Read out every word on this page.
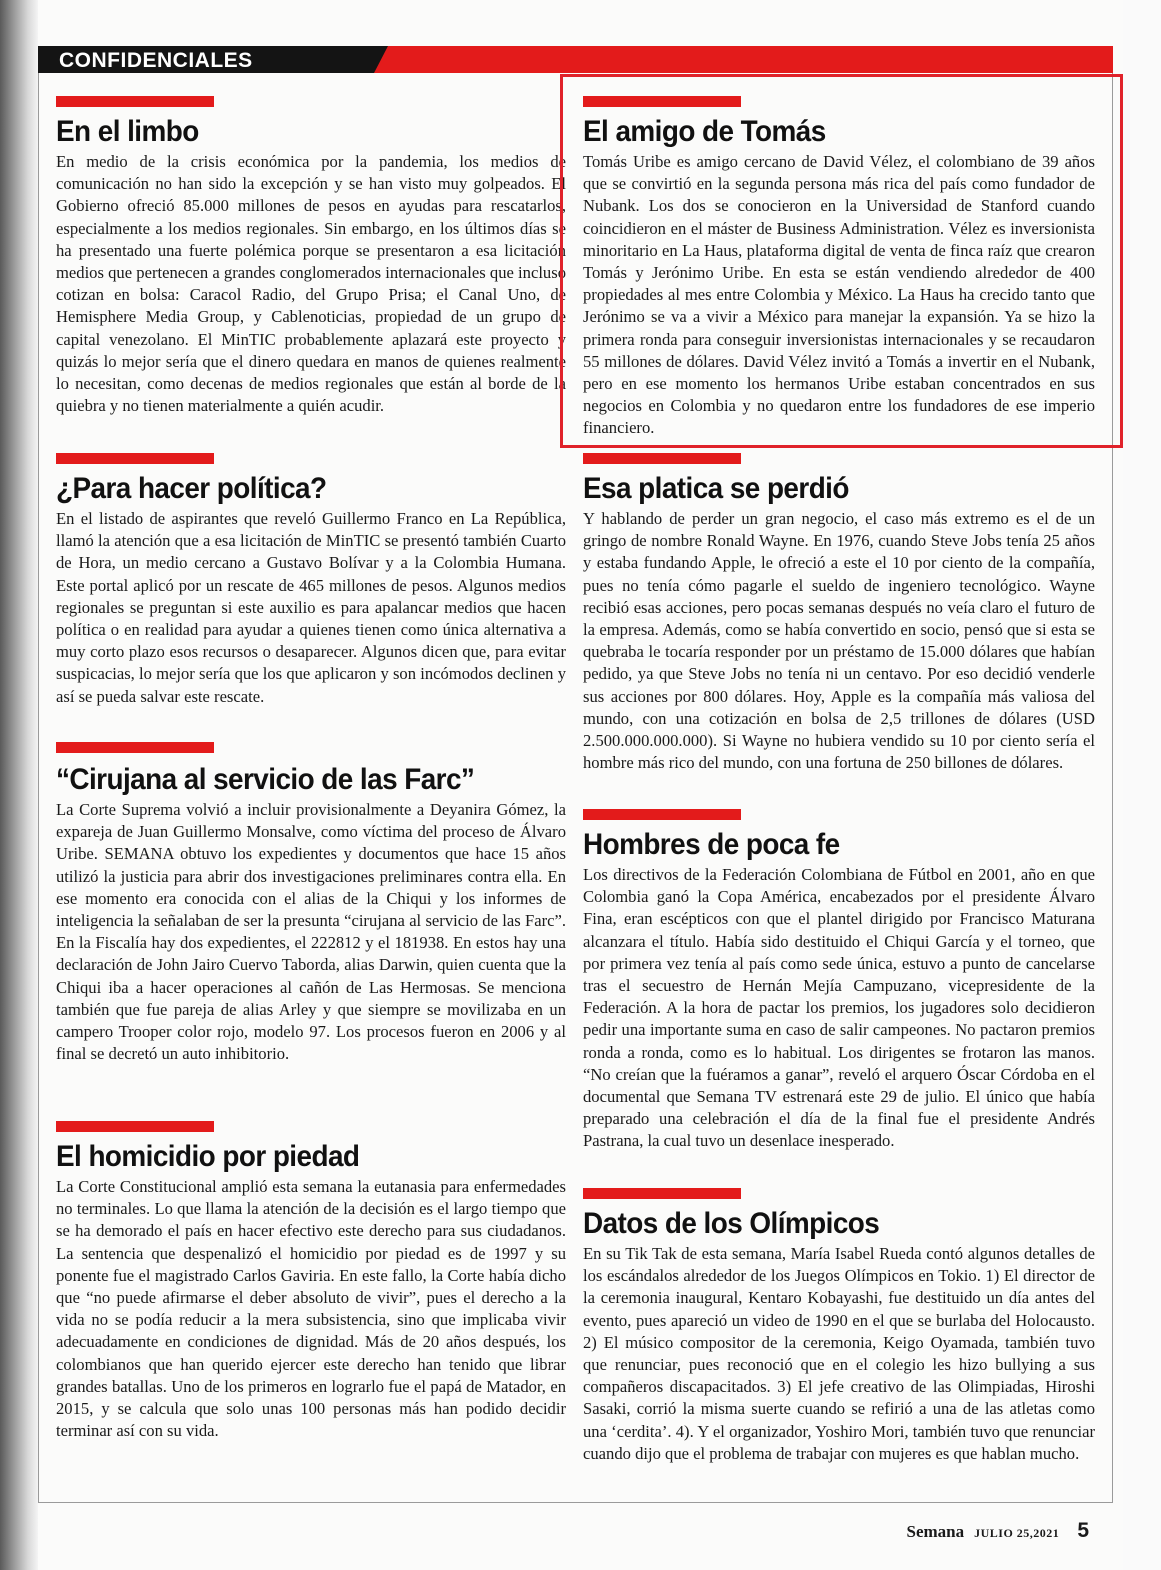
CONFIDENCIALES
En el limbo

En medio de la crisis económica por la pandemia, los medios de comunicación no han sido la excepción y se han visto muy golpeados. El Gobierno ofreció 85.000 millones de pesos en ayudas para rescatarlos, especialmente a los medios regionales. Sin embargo, en los últimos días se ha presentado una fuerte polémica porque se presentaron a esa licitación medios que pertenecen a grandes conglomerados internacionales que incluso cotizan en bolsa: Caracol Radio, del Grupo Prisa; el Canal Uno, de Hemisphere Media Group, y Cablenoticias, propiedad de un grupo de capital venezolano. El MinTIC probablemente aplazará este proyecto y quizás lo mejor sería que el dinero quedara en manos de quienes realmente lo necesitan, como decenas de medios regionales que están al borde de la quiebra y no tienen materialmente a quién acudir.

¿Para hacer política?

En el listado de aspirantes que reveló Guillermo Franco en La República, llamó la atención que a esa licitación de MinTIC se presentó también Cuarto de Hora, un medio cercano a Gustavo Bolívar y a la Colombia Humana. Este portal aplicó por un rescate de 465 millones de pesos. Algunos medios regionales se preguntan si este auxilio es para apalancar medios que hacen política o en realidad para ayudar a quienes tienen como única alternativa a muy corto plazo esos recursos o desaparecer. Algunos dicen que, para evitar suspicacias, lo mejor sería que los que aplicaron y son incómodos declinen y así se pueda salvar este rescate.

“Cirujana al servicio de las Farc”

La Corte Suprema volvió a incluir provisionalmente a Deyanira Gómez, la expareja de Juan Guillermo Monsalve, como víctima del proceso de Álvaro Uribe. SEMANA obtuvo los expedientes y documentos que hace 15 años utilizó la justicia para abrir dos investigaciones preliminares contra ella. En ese momento era conocida con el alias de la Chiqui y los informes de inteligencia la señalaban de ser la presunta “cirujana al servicio de las Farc”. En la Fiscalía hay dos expedientes, el 222812 y el 181938. En estos hay una declaración de John Jairo Cuervo Taborda, alias Darwin, quien cuenta que la Chiqui iba a hacer operaciones al cañón de Las Hermosas. Se menciona también que fue pareja de alias Arley y que siempre se movilizaba en un campero Trooper color rojo, modelo 97. Los procesos fueron en 2006 y al final se decretó un auto inhibitorio.

El homicidio por piedad

La Corte Constitucional amplió esta semana la eutanasia para enfermedades no terminales. Lo que llama la atención de la decisión es el largo tiempo que se ha demorado el país en hacer efectivo este derecho para sus ciudadanos. La sentencia que despenalizó el homicidio por piedad es de 1997 y su ponente fue el magistrado Carlos Gaviria. En este fallo, la Corte había dicho que “no puede afirmarse el deber absoluto de vivir”, pues el derecho a la vida no se podía reducir a la mera subsistencia, sino que implicaba vivir adecuadamente en condiciones de dignidad. Más de 20 años después, los colombianos que han querido ejercer este derecho han tenido que librar grandes batallas. Uno de los primeros en lograrlo fue el papá de Matador, en 2015, y se calcula que solo unas 100 personas más han podido decidir terminar así con su vida.

El amigo de Tomás

Tomás Uribe es amigo cercano de David Vélez, el colombiano de 39 años que se convirtió en la segunda persona más rica del país como fundador de Nubank. Los dos se conocieron en la Universidad de Stanford cuando coincidieron en el máster de Business Administration. Vélez es inversionista minoritario en La Haus, plataforma digital de venta de finca raíz que crearon Tomás y Jerónimo Uribe. En esta se están vendiendo alrededor de 400 propiedades al mes entre Colombia y México. La Haus ha crecido tanto que Jerónimo se va a vivir a México para manejar la expansión. Ya se hizo la primera ronda para conseguir inversionistas internacionales y se recaudaron 55 millones de dólares. David Vélez invitó a Tomás a invertir en el Nubank, pero en ese momento los hermanos Uribe estaban concentrados en sus negocios en Colombia y no quedaron entre los fundadores de ese imperio financiero.

Esa platica se perdió

Y hablando de perder un gran negocio, el caso más extremo es el de un gringo de nombre Ronald Wayne. En 1976, cuando Steve Jobs tenía 25 años y estaba fundando Apple, le ofreció a este el 10 por ciento de la compañía, pues no tenía cómo pagarle el sueldo de ingeniero tecnológico. Wayne recibió esas acciones, pero pocas semanas después no veía claro el futuro de la empresa. Además, como se había convertido en socio, pensó que si esta se quebraba le tocaría responder por un préstamo de 15.000 dólares que habían pedido, ya que Steve Jobs no tenía ni un centavo. Por eso decidió venderle sus acciones por 800 dólares. Hoy, Apple es la compañía más valiosa del mundo, con una cotización en bolsa de 2,5 trillones de dólares (USD 2.500.000.000.000). Si Wayne no hubiera vendido su 10 por ciento sería el hombre más rico del mundo, con una fortuna de 250 billones de dólares.

Hombres de poca fe

Los directivos de la Federación Colombiana de Fútbol en 2001, año en que Colombia ganó la Copa América, encabezados por el presidente Álvaro Fina, eran escépticos con que el plantel dirigido por Francisco Maturana alcanzara el título. Había sido destituido el Chiqui García y el torneo, que por primera vez tenía al país como sede única, estuvo a punto de cancelarse tras el secuestro de Hernán Mejía Campuzano, vicepresidente de la Federación. A la hora de pactar los premios, los jugadores solo decidieron pedir una importante suma en caso de salir campeones. No pactaron premios ronda a ronda, como es lo habitual. Los dirigentes se frotaron las manos. “No creían que la fuéramos a ganar”, reveló el arquero Óscar Córdoba en el documental que Semana TV estrenará este 29 de julio. El único que había preparado una celebración el día de la final fue el presidente Andrés Pastrana, la cual tuvo un desenlace inesperado.

Datos de los Olímpicos

En su Tik Tak de esta semana, María Isabel Rueda contó algunos detalles de los escándalos alrededor de los Juegos Olímpicos en Tokio. 1) El director de la ceremonia inaugural, Kentaro Kobayashi, fue destituido un día antes del evento, pues apareció un video de 1990 en el que se burlaba del Holocausto. 2) El músico compositor de la ceremonia, Keigo Oyamada, también tuvo que renunciar, pues reconoció que en el colegio les hizo bullying a sus compañeros discapacitados. 3) El jefe creativo de las Olimpiadas, Hiroshi Sasaki, corrió la misma suerte cuando se refirió a una de las atletas como una ‘cerdita’. 4). Y el organizador, Yoshiro Mori, también tuvo que renunciar cuando dijo que el problema de trabajar con mujeres es que hablan mucho.

Semana JULIO 25,2021 5
